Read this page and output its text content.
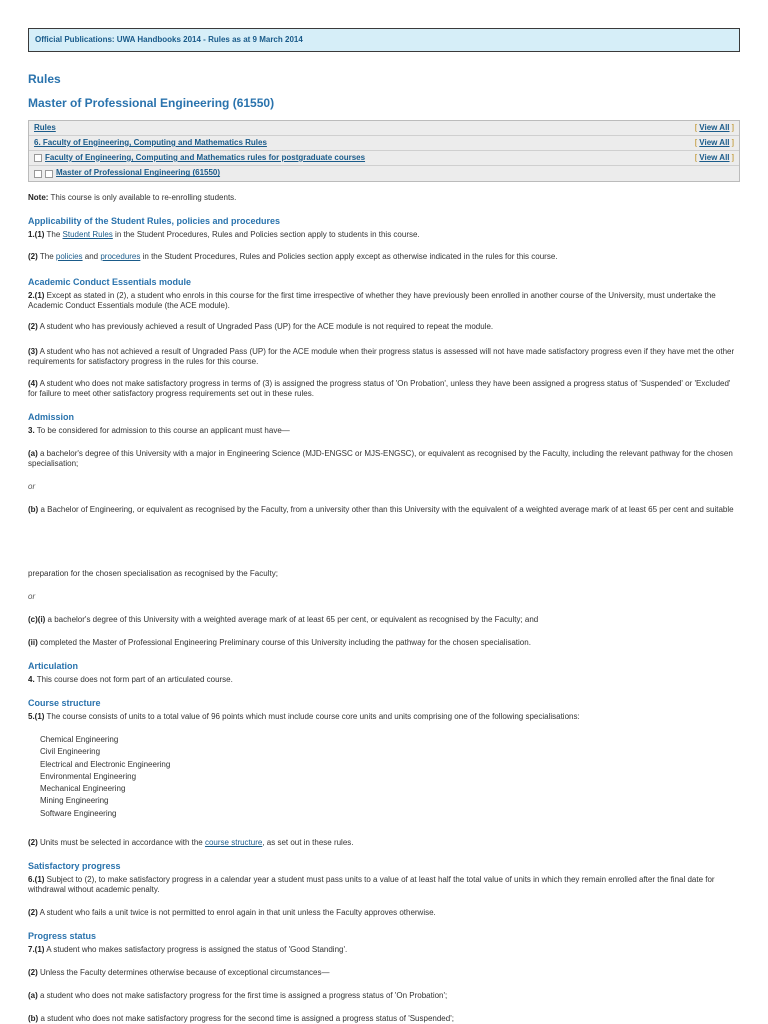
Official Publications: UWA Handbooks 2014 - Rules as at 9 March 2014
Rules
Master of Professional Engineering (61550)
Rules	[ View All ]
6. Faculty of Engineering, Computing and Mathematics Rules	[ View All ]
Faculty of Engineering, Computing and Mathematics rules for postgraduate courses	[ View All ]
Master of Professional Engineering (61550)
Note: This course is only available to re-enrolling students.
Applicability of the Student Rules, policies and procedures
1.(1) The Student Rules in the Student Procedures, Rules and Policies section apply to students in this course.
(2) The policies and procedures in the Student Procedures, Rules and Policies section apply except as otherwise indicated in the rules for this course.
Academic Conduct Essentials module
2.(1) Except as stated in (2), a student who enrols in this course for the first time irrespective of whether they have previously been enrolled in another course of the University, must undertake the Academic Conduct Essentials module (the ACE module).
(2) A student who has previously achieved a result of Ungraded Pass (UP) for the ACE module is not required to repeat the module.
(3) A student who has not achieved a result of Ungraded Pass (UP) for the ACE module when their progress status is assessed will not have made satisfactory progress even if they have met the other requirements for satisfactory progress in the rules for this course.
(4) A student who does not make satisfactory progress in terms of (3) is assigned the progress status of 'On Probation', unless they have been assigned a progress status of 'Suspended' or 'Excluded' for failure to meet other satisfactory progress requirements set out in these rules.
Admission
3. To be considered for admission to this course an applicant must have—
(a) a bachelor's degree of this University with a major in Engineering Science (MJD-ENGSC or MJS-ENGSC), or equivalent as recognised by the Faculty, including the relevant pathway for the chosen specialisation;
or
(b) a Bachelor of Engineering, or equivalent as recognised by the Faculty, from a university other than this University with the equivalent of a weighted average mark of at least 65 per cent and suitable
preparation for the chosen specialisation as recognised by the Faculty;
or
(c)(i) a bachelor's degree of this University with a weighted average mark of at least 65 per cent, or equivalent as recognised by the Faculty; and
(ii) completed the Master of Professional Engineering Preliminary course of this University including the pathway for the chosen specialisation.
Articulation
4. This course does not form part of an articulated course.
Course structure
5.(1) The course consists of units to a total value of 96 points which must include course core units and units comprising one of the following specialisations:
Chemical Engineering
Civil Engineering
Electrical and Electronic Engineering
Environmental Engineering
Mechanical Engineering
Mining Engineering
Software Engineering
(2) Units must be selected in accordance with the course structure, as set out in these rules.
Satisfactory progress
6.(1) Subject to (2), to make satisfactory progress in a calendar year a student must pass units to a value of at least half the total value of units in which they remain enrolled after the final date for withdrawal without academic penalty.
(2) A student who fails a unit twice is not permitted to enrol again in that unit unless the Faculty approves otherwise.
Progress status
7.(1) A student who makes satisfactory progress is assigned the status of 'Good Standing'.
(2) Unless the Faculty determines otherwise because of exceptional circumstances—
(a) a student who does not make satisfactory progress for the first time is assigned a progress status of 'On Probation';
(b) a student who does not make satisfactory progress for the second time is assigned a progress status of 'Suspended';
